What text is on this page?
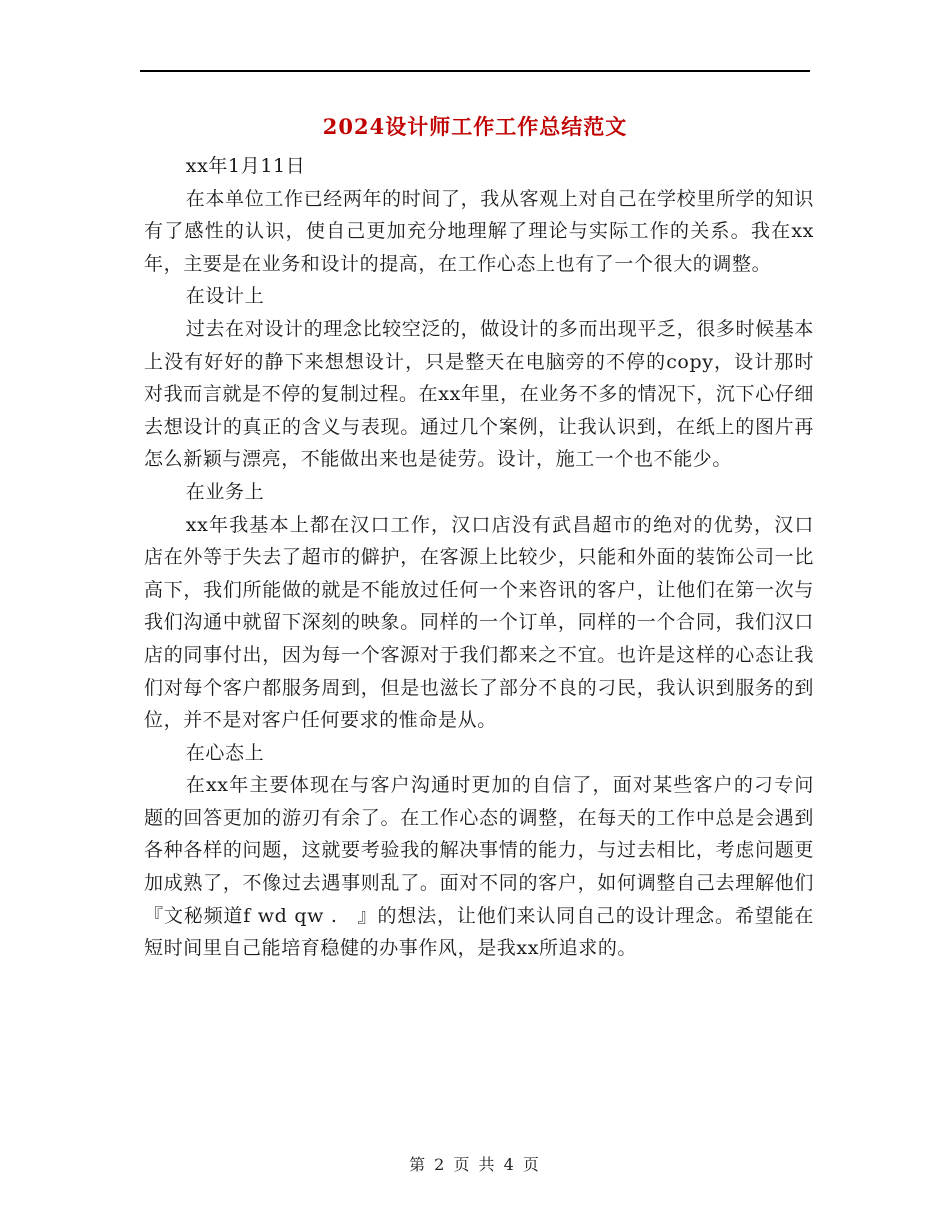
2024设计师工作工作总结范文

xx年1月11日

在本单位工作已经两年的时间了，我从客观上对自己在学校里所学的知识有了感性的认识，使自己更加充分地理解了理论与实际工作的关系。我在xx年，主要是在业务和设计的提高，在工作心态上也有了一个很大的调整。

在设计上

过去在对设计的理念比较空泛的，做设计的多而出现平乏，很多时候基本上没有好好的静下来想想设计，只是整天在电脑旁的不停的copy，设计那时对我而言就是不停的复制过程。在xx年里，在业务不多的情况下，沉下心仔细去想设计的真正的含义与表现。通过几个案例，让我认识到，在纸上的图片再怎么新颖与漂亮，不能做出来也是徒劳。设计，施工一个也不能少。

在业务上

xx年我基本上都在汉口工作，汉口店没有武昌超市的绝对的优势，汉口店在外等于失去了超市的僻护，在客源上比较少，只能和外面的装饰公司一比高下，我们所能做的就是不能放过任何一个来咨讯的客户，让他们在第一次与我们沟通中就留下深刻的映象。同样的一个订单，同样的一个合同，我们汉口店的同事付出，因为每一个客源对于我们都来之不宜。也许是这样的心态让我们对每个客户都服务周到，但是也滋长了部分不良的刁民，我认识到服务的到位，并不是对客户任何要求的惟命是从。

在心态上

在xx年主要体现在与客户沟通时更加的自信了，面对某些客户的刁专问题的回答更加的游刃有余了。在工作心态的调整，在每天的工作中总是会遇到各种各样的问题，这就要考验我的解决事情的能力，与过去相比，考虑问题更加成熟了，不像过去遇事则乱了。面对不同的客户，如何调整自己去理解他们『文秘频道f wd qw .　』的想法，让他们来认同自己的设计理念。希望能在短时间里自己能培育稳健的办事作风，是我xx所追求的。

第 2 页 共 4 页
